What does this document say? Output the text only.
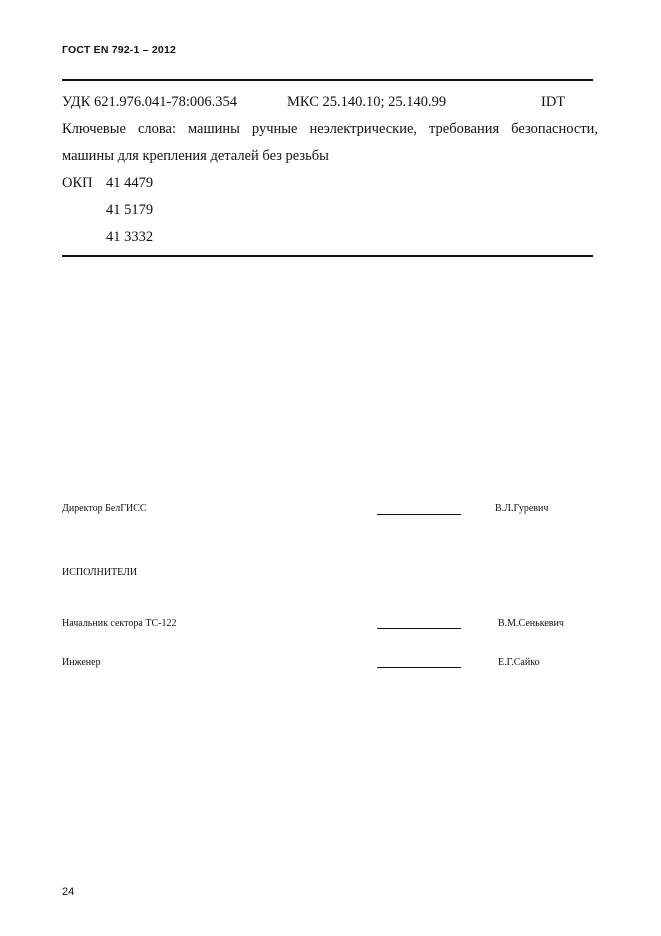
ГОСТ EN 792-1 – 2012
УДК 621.976.041-78:006.354	МКС 25.140.10; 25.140.99	IDT
Ключевые слова: машины ручные неэлектрические, требования безопасности,
машины для крепления деталей без резьбы
ОКП 41 4479
41 5179
41 3332
Директор БелГИСС	В.Л.Гуревич
ИСПОЛНИТЕЛИ
Начальник сектора ТС-122	В.М.Сенькевич
Инженер	Е.Г.Сайко
24
